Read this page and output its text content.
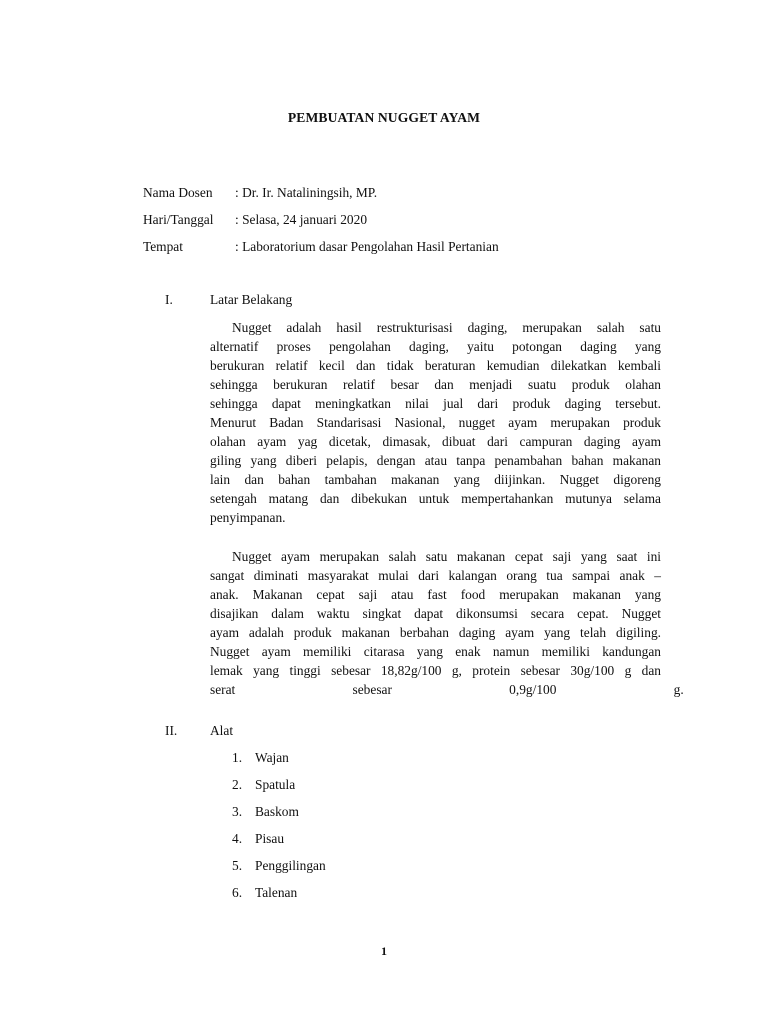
PEMBUATAN NUGGET AYAM
Nama Dosen : Dr. Ir. Nataliningsih, MP.
Hari/Tanggal : Selasa, 24 januari 2020
Tempat	: Laboratorium dasar Pengolahan Hasil Pertanian
I.	Latar Belakang
Nugget adalah hasil restrukturisasi daging, merupakan salah satu
alternatif proses pengolahan daging, yaitu potongan daging yang
berukuran relatif kecil dan tidak beraturan kemudian dilekatkan kembali
sehingga berukuran relatif besar dan menjadi suatu produk olahan
sehingga dapat meningkatkan nilai jual dari produk daging tersebut.
Menurut Badan Standarisasi Nasional, nugget ayam merupakan produk
olahan ayam yag dicetak, dimasak, dibuat dari campuran daging ayam
giling yang diberi pelapis, dengan atau tanpa penambahan bahan makanan
lain dan bahan tambahan makanan yang diijinkan. Nugget digoreng
setengah matang dan dibekukan untuk mempertahankan mutunya selama
penyimpanan.
Nugget ayam merupakan salah satu makanan cepat saji yang saat ini
sangat diminati masyarakat mulai dari kalangan orang tua sampai anak –
anak. Makanan cepat saji atau fast food merupakan makanan yang
disajikan dalam waktu singkat dapat dikonsumsi secara cepat. Nugget
ayam adalah produk makanan berbahan daging ayam yang telah digiling.
Nugget ayam memiliki citarasa yang enak namun memiliki kandungan
lemak yang tinggi sebesar 18,82g/100 g, protein sebesar 30g/100 g dan
serat sebesar 0,9g/100 g.
II. Alat
1. Wajan
2. Spatula
3. Baskom
4. Pisau
5. Penggilingan
6. Talenan
1
